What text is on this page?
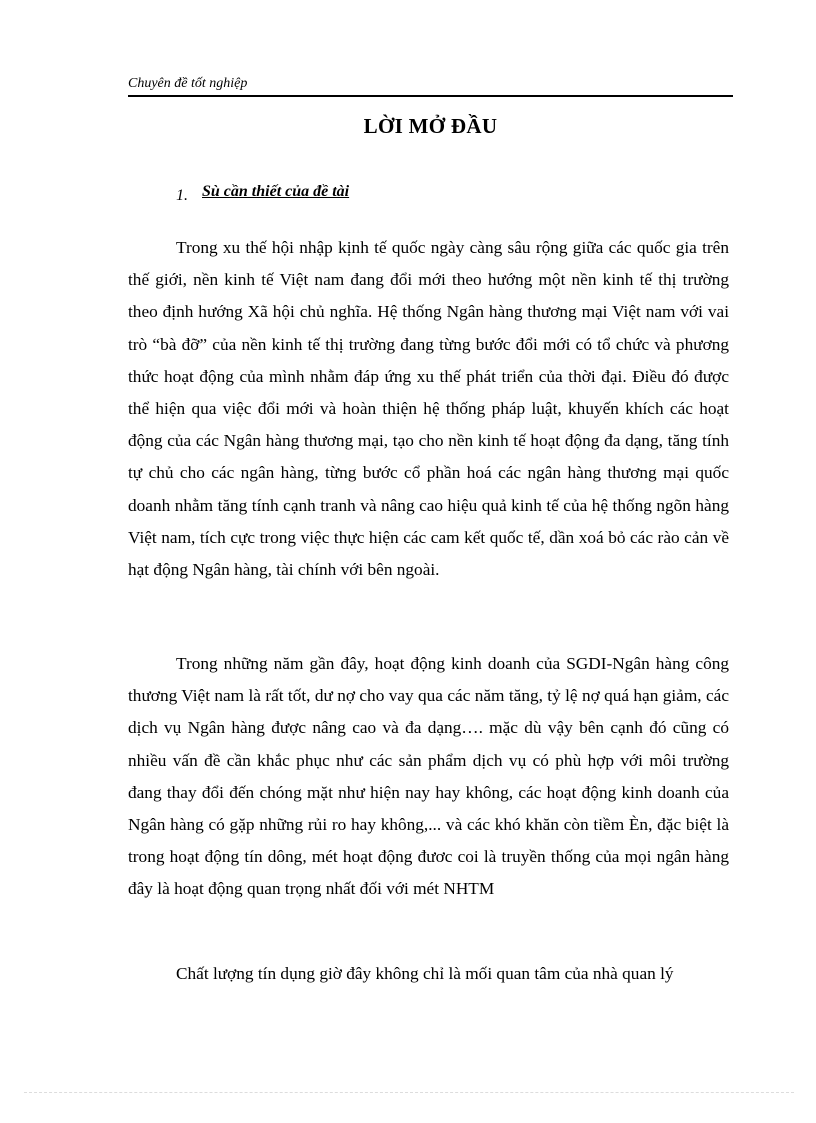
Chuyên đề tốt nghiệp
LỜI MỞ ĐẦU
1. Sù cần thiết của đề tài

Trong xu thế hội nhập kịnh tế quốc ngày càng sâu rộng giữa các quốc gia trên thế giới, nền kinh tế Việt nam đang đổi mới theo hướng một nền kinh tế thị trường theo định hướng Xã hội chủ nghĩa. Hệ thống Ngân hàng thương mại Việt nam với vai trò “bà đỡ” của nền kinh tế thị trường đang từng bước đổi mới có tổ chức và phương thức hoạt động của mình nhằm đáp ứng xu thế phát triển của thời đại. Điều đó được thể hiện qua việc đổi mới và hoàn thiện hệ thống pháp luật, khuyến khích các hoạt động của các Ngân hàng thương mại, tạo cho nền kinh tế hoạt động đa dạng, tăng tính tự chủ cho các ngân hàng, từng bước cổ phần hoá các ngân hàng thương mại quốc doanh nhằm tăng tính cạnh tranh và nâng cao hiệu quả kinh tế của hệ thống ngõn hàng Việt nam, tích cực trong việc thực hiện các cam kết quốc tế, dần xoá bỏ các rào cản về hạt động Ngân hàng, tài chính với bên ngoài.

Trong những năm gần đây, hoạt động kinh doanh của SGDI-Ngân hàng công thương Việt nam là rất tốt, dư nợ cho vay qua các năm tăng, tỷ lệ nợ quá hạn giảm, các dịch vụ Ngân hàng được nâng cao và đa dạng…. mặc dù vậy bên cạnh đó cũng có nhiều vấn đề cần khắc phục như các sản phẩm dịch vụ có phù hợp với môi trường đang thay đổi đến chóng mặt như hiện nay hay không, các hoạt động kinh doanh của Ngân hàng có gặp những rủi ro hay không,... và các khó khăn còn tiềm Èn, đặc biệt là trong hoạt động tín dông, mét hoạt động đươc coi là truyền thống của mọi ngân hàng đây là hoạt động quan trọng nhất đối với mét NHTM

Chất lượng tín dụng giờ đây không chỉ là mối quan tâm của nhà quan lý
